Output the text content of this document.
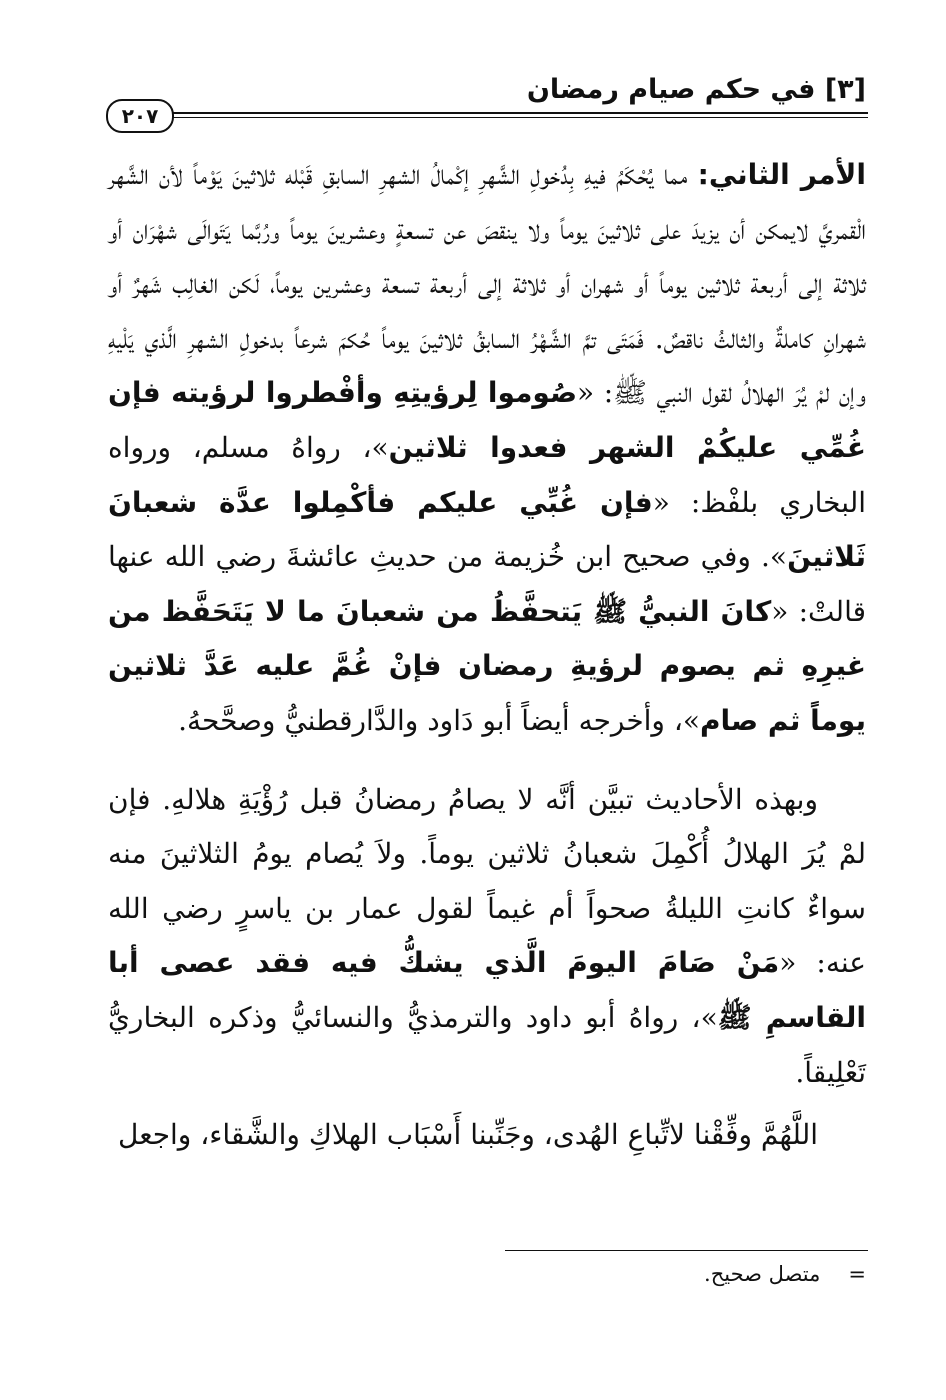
[٣] في حكم صيام رمضان
٢٠٧

الأمر الثاني: مما يُحْكَمُ فيهِ بِدُخولِ الشَّهرِ إكْمالُ الشهرِ السابقِ قَبْله ثلاثينَ يَوْماً لأن الشَّهر الْقمريَّ لايمكن أن يزيدَ على ثلاثينَ يوماً ولا ينقصَ عن تسعةٍ وعشرينَ يوماً ورُبَّما يَتَوالَى شهْرَان أو ثلاثة إلى أربعة ثلاثين يوماً أو شهران أو ثلاثة إلى أربعة تسعة وعشرين يوماً، لَكن الغالِب شَهرٌ أو شهرانِ كاملةٌ والثالثُ ناقصٌ. فَمَتَى تمَّ الشَّهْرُ السابقُ ثلاثينَ يوماً حُكمَ شرعاً بدخولِ الشهرِ الَّذي يَلْيهِ وإن لمْ يُرَ الهلالُ لقول النبي ﷺ: «صُوموا لِرؤيتِهِ وأفْطروا لرؤيته فإن غُمِّي عليكُمْ الشهر فعدوا ثلاثين»، رواهُ مسلم، ورواه البخاري بلفْظ: «فإن غُبِّي عليكم فأكْمِلوا عدَّة شعبانَ ثَلاثينَ». وفي صحيح ابن خُزيمة من حديثِ عائشةَ رضي الله عنها قالتْ: «كانَ النبيُّ ﷺ يَتحفَّظُ من شعبانَ ما لا يَتَحَفَّظ من غيرِهِ ثم يصوم لرؤيةِ رمضان فإنْ غُمَّ عليه عَدَّ ثلاثين يوماً ثم صام»، وأخرجه أيضاً أبو دَاود والدَّارقطنيُّ وصحَّحهُ.

وبهذه الأحاديث تبيَّن أنَّه لا يصامُ رمضانُ قبل رُؤْيَةِ هلالهِ. فإن لمْ يُرَ الهلالُ أُكْمِلَ شعبانُ ثلاثين يوماً. ولاَ يُصام يومُ الثلاثينَ منه سواءٌ كانتِ الليلةُ صحواً أم غيماً لقول عمار بن ياسرٍ رضي الله عنه: «مَنْ صَامَ اليومَ الَّذي يشكُّ فيه فقد عصى أبا القاسمِ ﷺ»، رواهُ أبو داود والترمذيُّ والنسائيُّ وذكره البخاريُّ تَعْلِيقاً.

اللَّهُمَّ وفِّقْنا لاتِّباعِ الهُدى، وجَنِّبنا أَسْبَاب الهلاكِ والشَّقاء، واجعل

=متصل صحيح.
